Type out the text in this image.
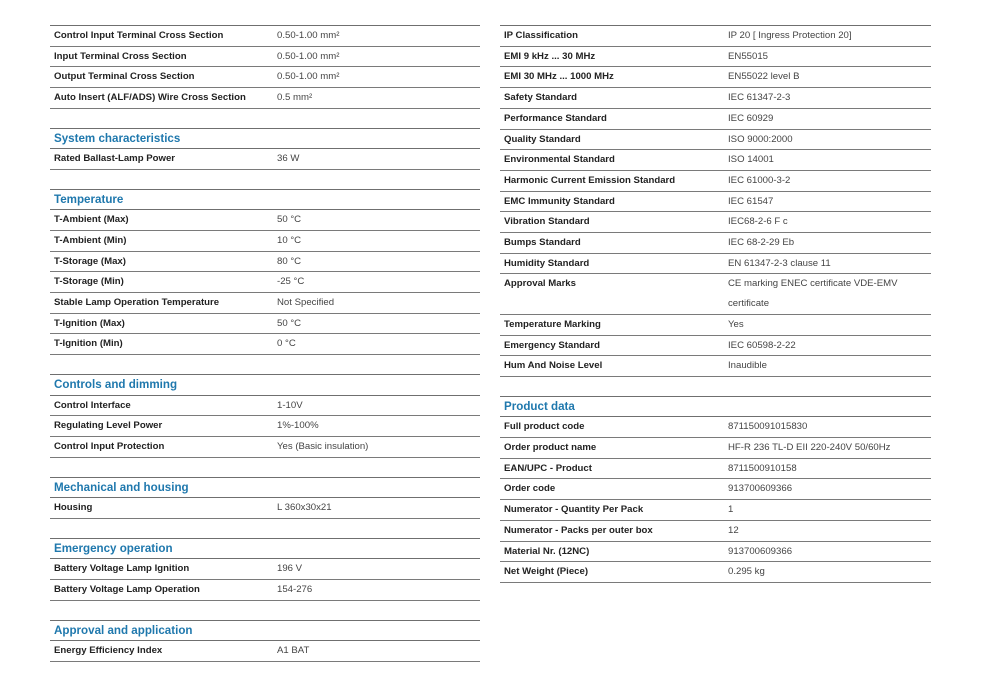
Control Input Terminal Cross Section	0.50-1.00 mm²
Input Terminal Cross Section	0.50-1.00 mm²
Output Terminal Cross Section	0.50-1.00 mm²
Auto Insert (ALF/ADS) Wire Cross Section	0.5 mm²
System characteristics
Rated Ballast-Lamp Power	36 W
Temperature
T-Ambient (Max)	50 °C
T-Ambient (Min)	10 °C
T-Storage (Max)	80 °C
T-Storage (Min)	-25 °C
Stable Lamp Operation Temperature	Not Specified
T-Ignition (Max)	50 °C
T-Ignition (Min)	0 °C
Controls and dimming
Control Interface	1-10V
Regulating Level Power	1%-100%
Control Input Protection	Yes (Basic insulation)
Mechanical and housing
Housing	L 360x30x21
Emergency operation
Battery Voltage Lamp Ignition	196 V
Battery Voltage Lamp Operation	154-276
Approval and application
Energy Efficiency Index	A1 BAT
IP Classification	IP 20 [ Ingress Protection 20]
EMI 9 kHz ... 30 MHz	EN55015
EMI 30 MHz ... 1000 MHz	EN55022 level B
Safety Standard	IEC 61347-2-3
Performance Standard	IEC 60929
Quality Standard	ISO 9000:2000
Environmental Standard	ISO 14001
Harmonic Current Emission Standard	IEC 61000-3-2
EMC Immunity Standard	IEC 61547
Vibration Standard	IEC68-2-6 F c
Bumps Standard	IEC 68-2-29 Eb
Humidity Standard	EN 61347-2-3 clause 11
Approval Marks	CE marking ENEC certificate VDE-EMV certificate
Temperature Marking	Yes
Emergency Standard	IEC 60598-2-22
Hum And Noise Level	Inaudible
Product data
Full product code	871150091015830
Order product name	HF-R 236 TL-D EII 220-240V 50/60Hz
EAN/UPC - Product	8711500910158
Order code	913700609366
Numerator - Quantity Per Pack	1
Numerator - Packs per outer box	12
Material Nr. (12NC)	913700609366
Net Weight (Piece)	0.295 kg
